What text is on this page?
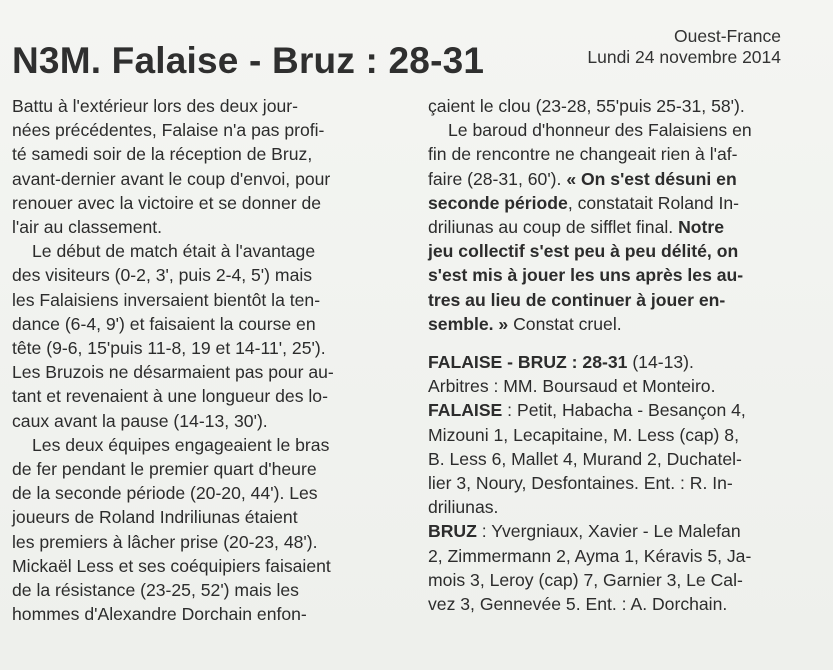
Ouest-France
Lundi 24 novembre 2014
N3M. Falaise - Bruz : 28-31
Battu à l'extérieur lors des deux jour-
nées précédentes, Falaise n'a pas profi-
té samedi soir de la réception de Bruz,
avant-dernier avant le coup d'envoi, pour
renouer avec la victoire et se donner de
l'air au classement.
Le début de match était à l'avantage
des visiteurs (0-2, 3', puis 2-4, 5') mais
les Falaisiens inversaient bientôt la ten-
dance (6-4, 9') et faisaient la course en
tête (9-6, 15'puis 11-8, 19 et 14-11', 25').
Les Bruzois ne désarmaient pas pour au-
tant et revenaient à une longueur des lo-
caux avant la pause (14-13, 30').
Les deux équipes engageaient le bras
de fer pendant le premier quart d'heure
de la seconde période (20-20, 44'). Les
joueurs de Roland Indriliunas étaient
les premiers à lâcher prise (20-23, 48').
Mickaël Less et ses coéquipiers faisaient
de la résistance (23-25, 52') mais les
hommes d'Alexandre Dorchain enfon-
çaient le clou (23-28, 55'puis 25-31, 58').
Le baroud d'honneur des Falaisiens en
fin de rencontre ne changeait rien à l'af-
faire (28-31, 60'). « On s'est désuni en
seconde période, constatait Roland In-
driliunas au coup de sifflet final. Notre
jeu collectif s'est peu à peu délité, on
s'est mis à jouer les uns après les au-
tres au lieu de continuer à jouer en-
semble. » Constat cruel.
FALAISE - BRUZ : 28-31 (14-13).
Arbitres : MM. Boursaud et Monteiro.
FALAISE : Petit, Habacha - Besançon 4,
Mizouni 1, Lecapitaine, M. Less (cap) 8,
B. Less 6, Mallet 4, Murand 2, Duchatel-
lier 3, Noury, Desfontaines. Ent. : R. In-
driliunas.
BRUZ : Yvergniaux, Xavier - Le Malefan
2, Zimmermann 2, Ayma 1, Kéravis 5, Ja-
mois 3, Leroy (cap) 7, Garnier 3, Le Cal-
vez 3, Gennevée 5. Ent. : A. Dorchain.
